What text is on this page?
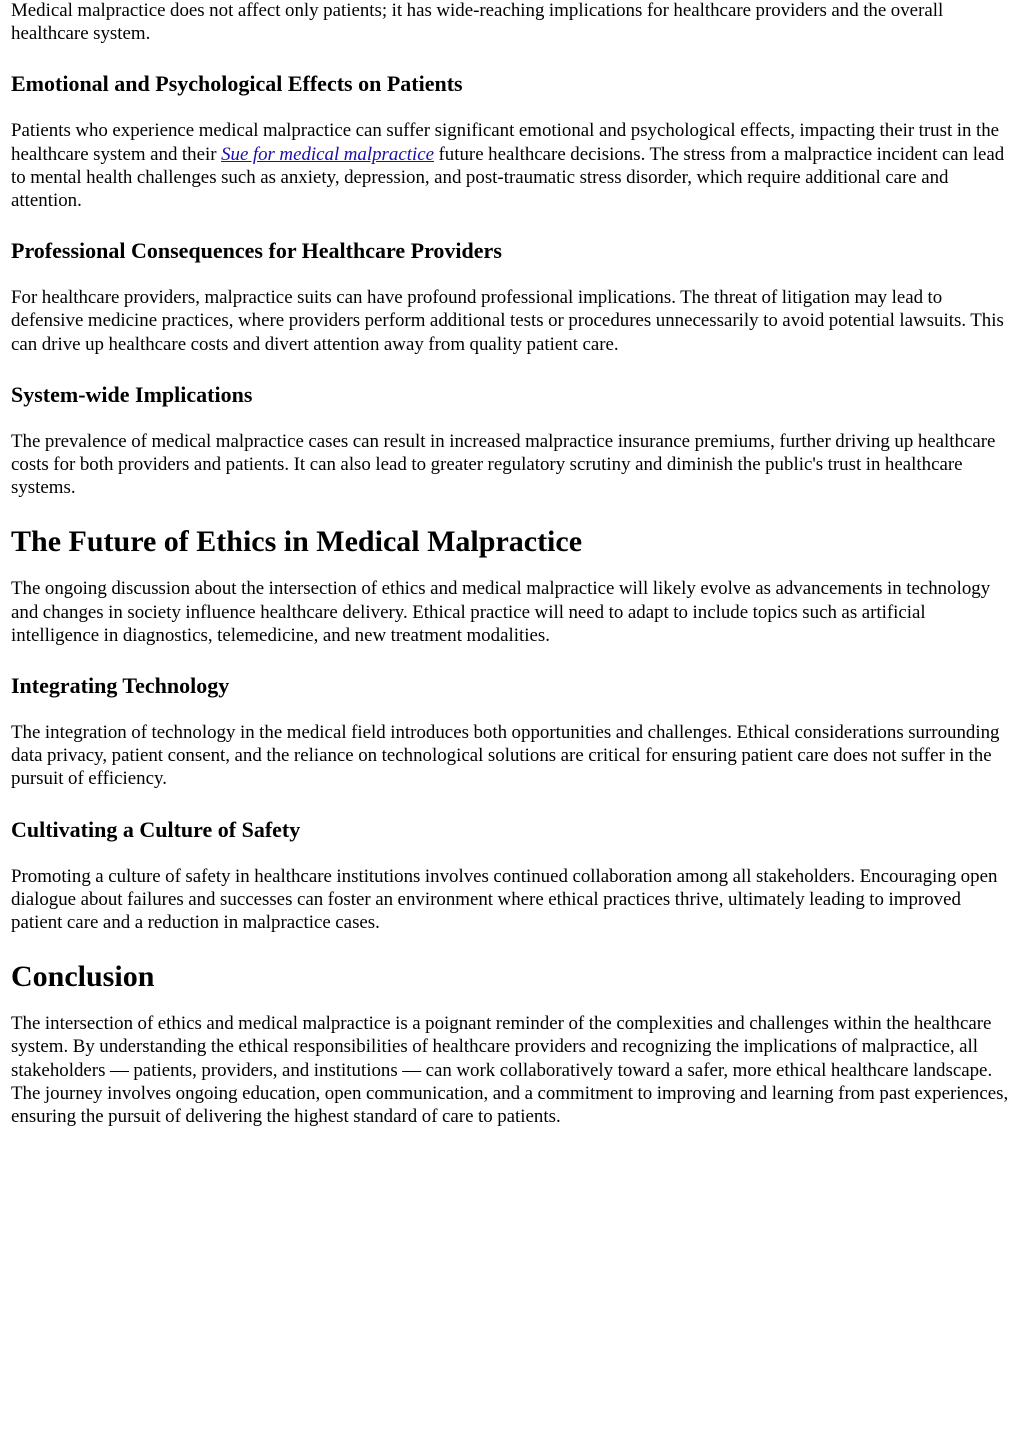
Medical malpractice does not affect only patients; it has wide-reaching implications for healthcare providers and the overall healthcare system.

Emotional and Psychological Effects on Patients

Patients who experience medical malpractice can suffer significant emotional and psychological effects, impacting their trust in the healthcare system and their Sue for medical malpractice future healthcare decisions. The stress from a malpractice incident can lead to mental health challenges such as anxiety, depression, and post-traumatic stress disorder, which require additional care and attention.

Professional Consequences for Healthcare Providers

For healthcare providers, malpractice suits can have profound professional implications. The threat of litigation may lead to defensive medicine practices, where providers perform additional tests or procedures unnecessarily to avoid potential lawsuits. This can drive up healthcare costs and divert attention away from quality patient care.

System-wide Implications

The prevalence of medical malpractice cases can result in increased malpractice insurance premiums, further driving up healthcare costs for both providers and patients. It can also lead to greater regulatory scrutiny and diminish the public's trust in healthcare systems.

The Future of Ethics in Medical Malpractice

The ongoing discussion about the intersection of ethics and medical malpractice will likely evolve as advancements in technology and changes in society influence healthcare delivery. Ethical practice will need to adapt to include topics such as artificial intelligence in diagnostics, telemedicine, and new treatment modalities.

Integrating Technology

The integration of technology in the medical field introduces both opportunities and challenges. Ethical considerations surrounding data privacy, patient consent, and the reliance on technological solutions are critical for ensuring patient care does not suffer in the pursuit of efficiency.

Cultivating a Culture of Safety

Promoting a culture of safety in healthcare institutions involves continued collaboration among all stakeholders. Encouraging open dialogue about failures and successes can foster an environment where ethical practices thrive, ultimately leading to improved patient care and a reduction in malpractice cases.

Conclusion

The intersection of ethics and medical malpractice is a poignant reminder of the complexities and challenges within the healthcare system. By understanding the ethical responsibilities of healthcare providers and recognizing the implications of malpractice, all stakeholders — patients, providers, and institutions — can work collaboratively toward a safer, more ethical healthcare landscape. The journey involves ongoing education, open communication, and a commitment to improving and learning from past experiences, ensuring the pursuit of delivering the highest standard of care to patients.
